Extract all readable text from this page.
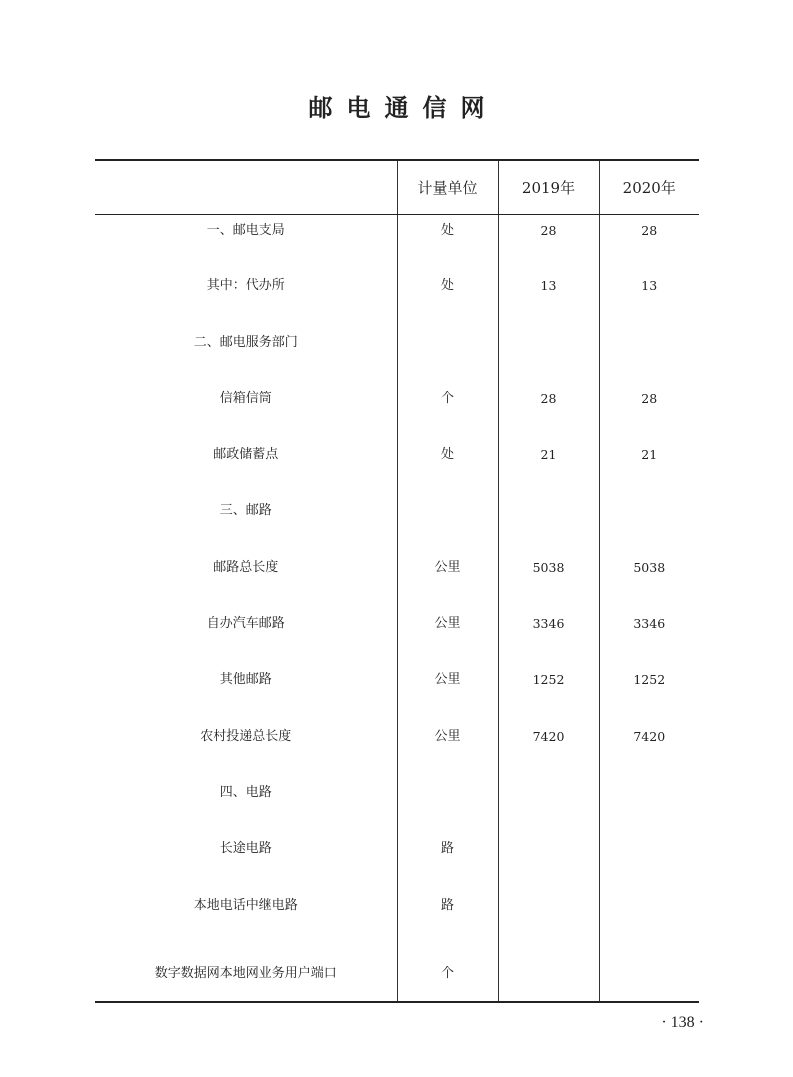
邮电通信网
	计量单位	2019年	2020年
一、邮电支局	处	28	28
其中：代办所	处	13	13
二、邮电服务部门			
信箱信筒	个	28	28
邮政储蓄点	处	21	21
三、邮路			
邮路总长度	公里	5038	5038
自办汽车邮路	公里	3346	3346
其他邮路	公里	1252	1252
农村投递总长度	公里	7420	7420
四、电路			
长途电路	路		
本地电话中继电路	路		
数字数据网本地网业务用户端口	个		
· 138 ·
